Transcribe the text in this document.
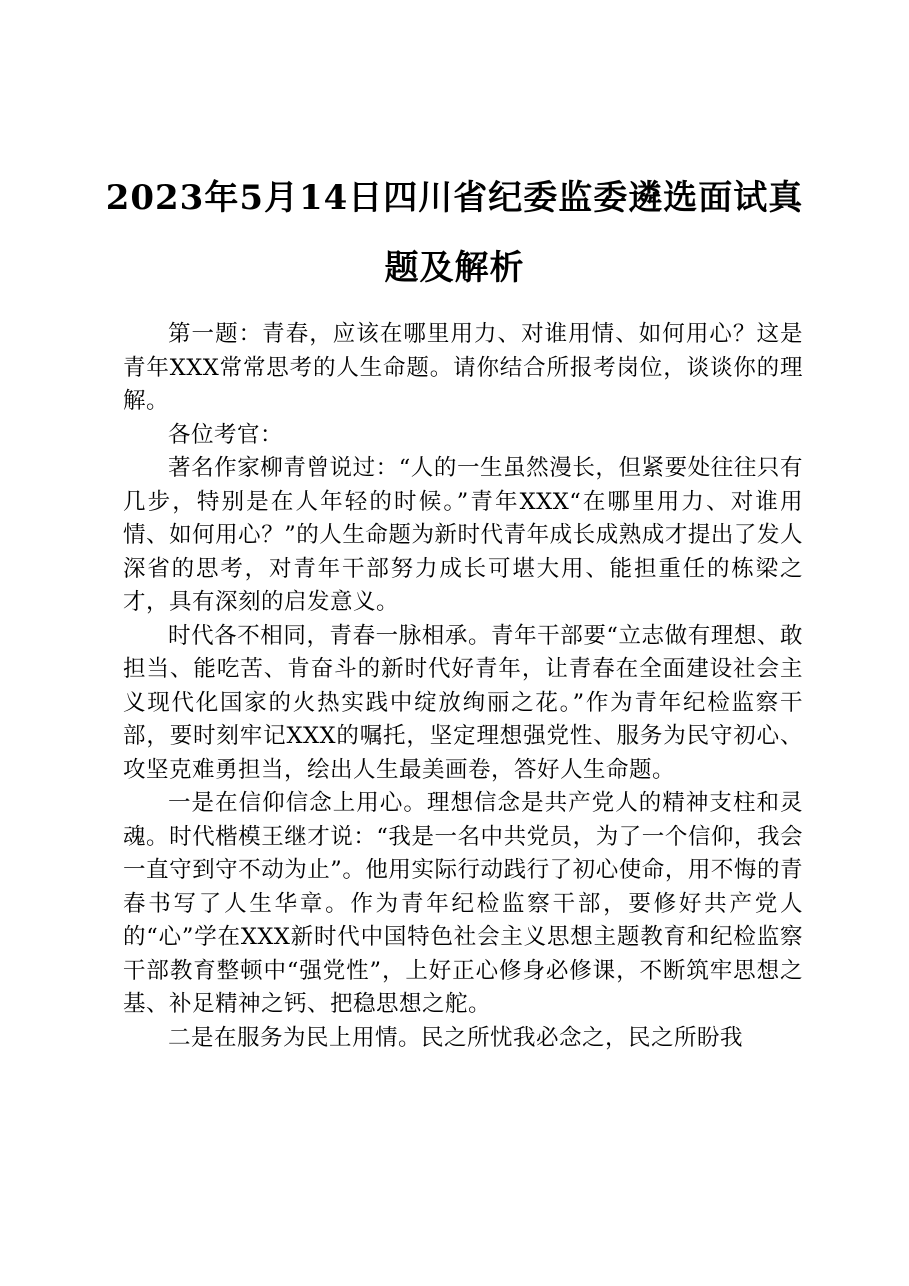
2023年5月14日四川省纪委监委遴选面试真
题及解析

第一题：青春，应该在哪里用力、对谁用情、如何用心？这是青年XXX常常思考的人生命题。请你结合所报考岗位，谈谈你的理解。

各位考官：

著名作家柳青曾说过：“人的一生虽然漫长，但紧要处往往只有几步，特别是在人年轻的时候。”青年XXX“在哪里用力、对谁用情、如何用心？”的人生命题为新时代青年成长成熟成才提出了发人深省的思考，对青年干部努力成长可堪大用、能担重任的栋梁之才，具有深刻的启发意义。

时代各不相同，青春一脉相承。青年干部要“立志做有理想、敢担当、能吃苦、肯奋斗的新时代好青年，让青春在全面建设社会主义现代化国家的火热实践中绽放绚丽之花。”作为青年纪检监察干部，要时刻牢记XXX的嘱托，坚定理想强党性、服务为民守初心、攻坚克难勇担当，绘出人生最美画卷，答好人生命题。

一是在信仰信念上用心。理想信念是共产党人的精神支柱和灵魂。时代楷模王继才说：“我是一名中共党员，为了一个信仰，我会一直守到守不动为止”。他用实际行动践行了初心使命，用不悔的青春书写了人生华章。作为青年纪检监察干部，要修好共产党人的“心”学在XXX新时代中国特色社会主义思想主题教育和纪检监察干部教育整顿中“强党性”，上好正心修身必修课，不断筑牢思想之基、补足精神之钙、把稳思想之舵。

二是在服务为民上用情。民之所忧我必念之，民之所盼我
